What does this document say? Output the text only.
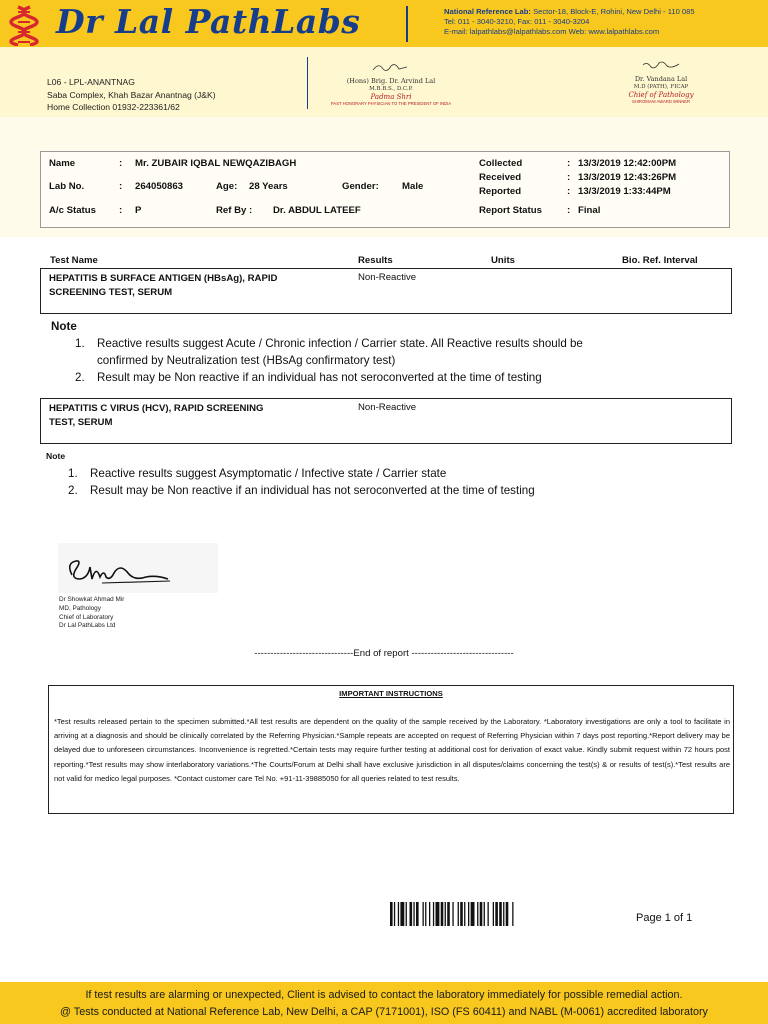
Dr Lal PathLabs	National Reference Lab: Sector-18, Block-E, Rohini, New Delhi - 110 085
Tel: 011 - 3040-3210, Fax: 011 - 3040-3204
E-mail: lalpathlabs@lalpathlabs.com Web: www.lalpathlabs.com
L06 - LPL-ANANTNAG
Saba Complex, Khah Bazar Anantnag (J&K)
Home Collection 01932-223361/62
(Hons) Brig. Dr. Arvind Lal
M.B.B.S., D.C.P.
Padma Shri
PAST HONORARY PHYSICIAN TO THE PRESIDENT OF INDIA
Dr. Vandana Lal
M.D (PATH), FICAP
Chief of Pathology
SHIROMANI AWARD WINNER
Name	: Mr. ZUBAIR IQBAL NEWQAZIBAGH
Lab No.	: 264050863	Age: 28 Years	Gender: Male
A/c Status : P	Ref By : Dr. ABDUL LATEEF
Collected	: 13/3/2019 12:42:00PM
Received	: 13/3/2019 12:43:26PM
Reported	: 13/3/2019 1:33:44PM
Report Status	: Final
Test Name	Results	Units	Bio. Ref. Interval
HEPATITIS B SURFACE ANTIGEN (HBsAg), RAPID
SCREENING TEST, SERUM
Non-Reactive
Note
1. Reactive results suggest Acute / Chronic infection / Carrier state. All Reactive results should be
confirmed by Neutralization test (HBsAg confirmatory test)
2. Result may be Non reactive if an individual has not seroconverted at the time of testing
HEPATITIS C VIRUS (HCV), RAPID SCREENING
TEST, SERUM
Non-Reactive
Note
1. Reactive results suggest Asymptomatic / Infective state / Carrier state
2. Result may be Non reactive if an individual has not seroconverted at the time of testing
Dr Showkat Ahmad Mir
MD, Pathology
Chief of Laboratory
Dr Lal PathLabs Ltd
-------------------------------End of report --------------------------------
IMPORTANT INSTRUCTIONS
*Test results released pertain to the specimen submitted.*All test results are dependent on the quality of the sample received by the Laboratory. *Laboratory investigations are only a tool to facilitate in arriving at a diagnosis and should be clinically correlated by the Referring Physician.*Sample repeats are accepted on request of Referring Physician within 7 days post reporting.*Report delivery may be delayed due to unforeseen circumstances. Inconvenience is regretted.*Certain tests may require further testing at additional cost for derivation of exact value. Kindly submit request within 72 hours post reporting.*Test results may show interlaboratory variations.*The Courts/Forum at Delhi shall have exclusive jurisdiction in all disputes/claims concerning the test(s) & or results of test(s).*Test results are not valid for medico legal purposes. *Contact customer care Tel No. +91-11-39885050 for all queries related to test results.
Page 1 of 1
If test results are alarming or unexpected, Client is advised to contact the laboratory immediately for possible remedial action.
@ Tests conducted at National Reference Lab, New Delhi, a CAP (7171001), ISO (FS 60411) and NABL (M-0061) accredited laboratory
